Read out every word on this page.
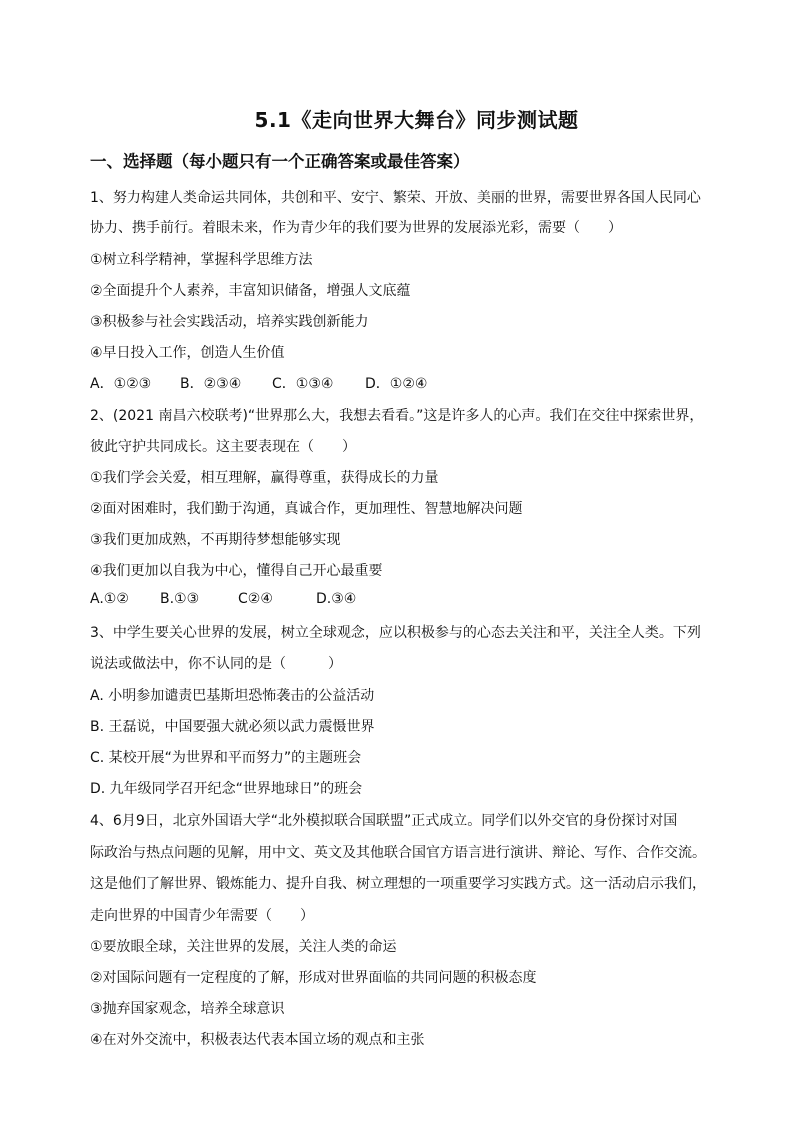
5.1《走向世界大舞台》同步测试题
一、选择题（每小题只有一个正确答案或最佳答案）
1、努力构建人类命运共同体，共创和平、安宁、繁荣、开放、美丽的世界，需要世界各国人民同心
协力、携手前行。着眼未来，作为青少年的我们要为世界的发展添光彩，需要（　　）
①树立科学精神，掌握科学思维方法
②全面提升个人素养，丰富知识储备，增强人文底蕴
③积极参与社会实践活动，培养实践创新能力
④早日投入工作，创造人生价值
A．①②③ B．②③④ C．①③④ D．①②④
2、(2021 南昌六校联考)“世界那么大，我想去看看。”这是许多人的心声。我们在交往中探索世界，
彼此守护共同成长。这主要表现在（　　）
①我们学会关爱，相互理解，赢得尊重，获得成长的力量
②面对困难时，我们勤于沟通，真诚合作，更加理性、智慧地解决问题
③我们更加成熟，不再期待梦想能够实现
④我们更加以自我为中心，懂得自己开心最重要
A.①② B.①③	C②④	D.③④
3、中学生要关心世界的发展，树立全球观念，应以积极参与的心态去关注和平，关注全人类。下列
说法或做法中，你不认同的是（　　　）
A. 小明参加谴责巴基斯坦恐怖袭击的公益活动
B. 王磊说，中国要强大就必须以武力震慑世界
C. 某校开展“为世界和平而努力”的主题班会
D. 九年级同学召开纪念“世界地球日”的班会
4、6月9日，北京外国语大学“北外模拟联合国联盟”正式成立。同学们以外交官的身份探讨对国
际政治与热点问题的见解，用中文、英文及其他联合国官方语言进行演讲、辩论、写作、合作交流。
这是他们了解世界、锻炼能力、提升自我、树立理想的一项重要学习实践方式。这一活动启示我们，
走向世界的中国青少年需要（　　）
①要放眼全球，关注世界的发展，关注人类的命运
②对国际问题有一定程度的了解，形成对世界面临的共同问题的积极态度
③抛弃国家观念，培养全球意识
④在对外交流中，积极表达代表本国立场的观点和主张
